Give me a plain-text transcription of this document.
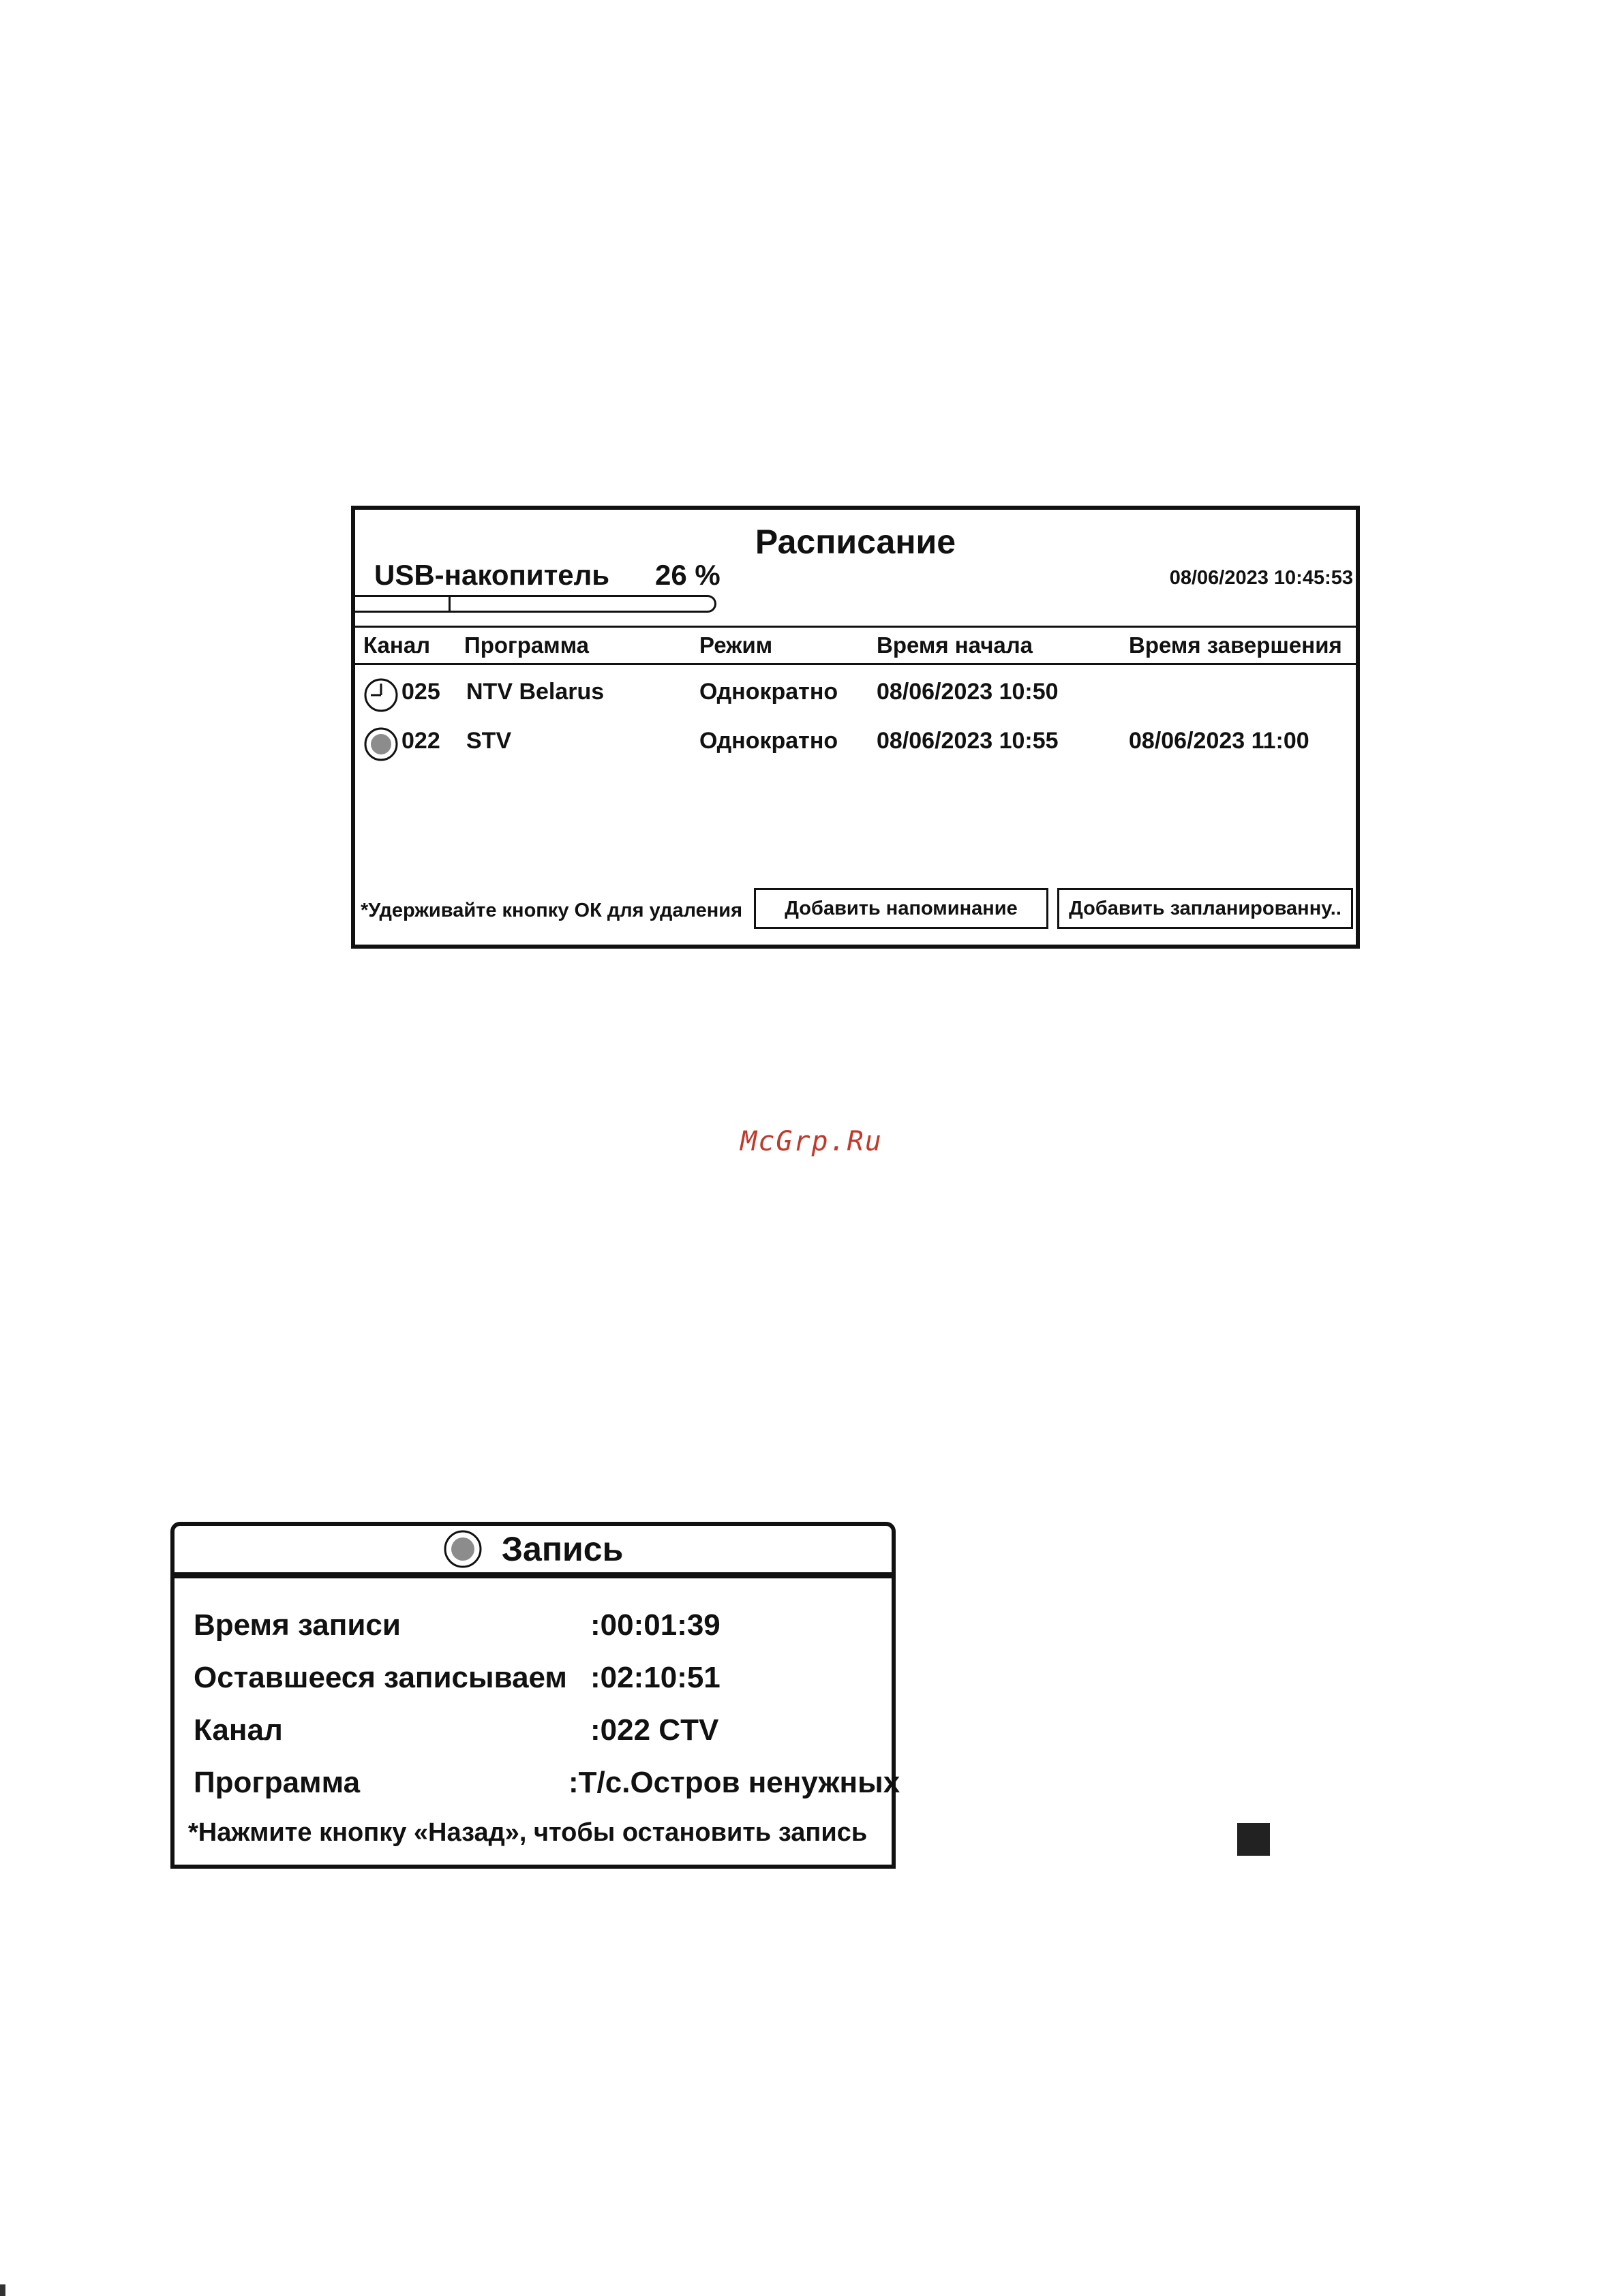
Расписание
USB-накопитель 26 %	08/06/2023 10:45:53
Канал Программа	Режим	Время начала	Время завершения
025 NTV Belarus	Однократно 08/06/2023 10:50
022 STV	Однократно 08/06/2023 10:55	08/06/2023 11:00
*Удерживайте кнопку ОК для удаления	Добавить напоминание	Добавить запланированну..
McGrp.Ru
Запись
Время записи	:00:01:39
Оставшееся записываем :02:10:51
Канал	:022 CTV
Программа	:Т/с.Остров ненужных
*Нажмите кнопку «Назад», чтобы остановить запись
